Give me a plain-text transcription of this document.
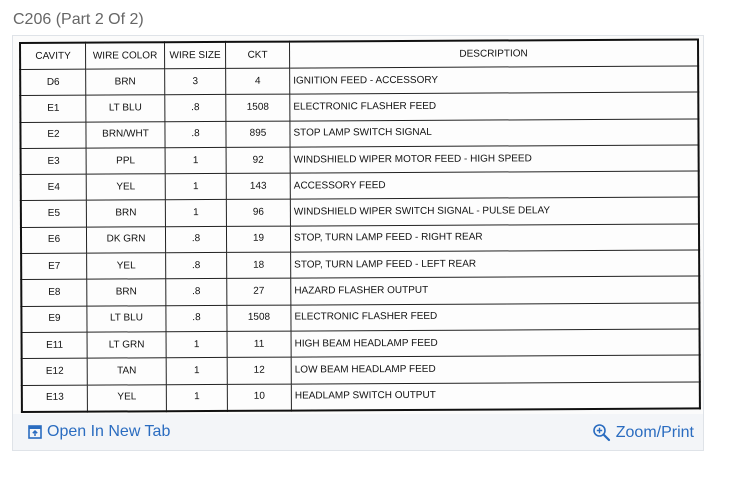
C206 (Part 2 Of 2)
CAVITY	WIRE COLOR	WIRE SIZE	CKT	DESCRIPTION
D6	BRN	3	4	IGNITION FEED - ACCESSORY
E1	LT BLU	.8	1508	ELECTRONIC FLASHER FEED
E2	BRN/WHT	.8	895	STOP LAMP SWITCH SIGNAL
E3	PPL	1	92	WINDSHIELD WIPER MOTOR FEED - HIGH SPEED
E4	YEL	1	143	ACCESSORY FEED
E5	BRN	1	96	WINDSHIELD WIPER SWITCH SIGNAL - PULSE DELAY
E6	DK GRN	.8	19	STOP, TURN LAMP FEED - RIGHT REAR
E7	YEL	.8	18	STOP, TURN LAMP FEED - LEFT REAR
E8	BRN	.8	27	HAZARD FLASHER OUTPUT
E9	LT BLU	.8	1508	ELECTRONIC FLASHER FEED
E11	LT GRN	1	11	HIGH BEAM HEADLAMP FEED
E12	TAN	1	12	LOW BEAM HEADLAMP FEED
E13	YEL	1	10	HEADLAMP SWITCH OUTPUT
Open In New Tab	Zoom/Print
